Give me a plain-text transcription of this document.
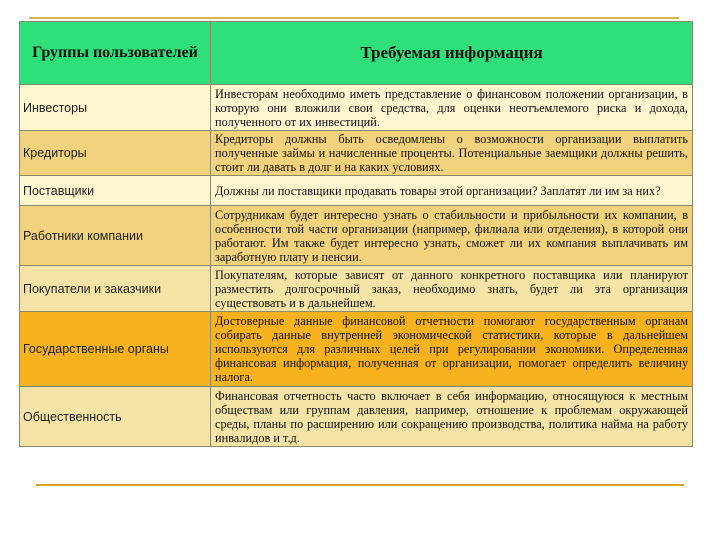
Группы пользователей	Требуемая информация
Инвесторы	Инвесторам необходимо иметь представление о финансовом положении организации, в которую они вложили свои средства, для оценки неотъемлемого риска и дохода, полученного от их инвестиций.
Кредиторы	Кредиторы должны быть осведомлены о возможности организации выплатить полученные займы и начисленные проценты. Потенциальные заемщики должны решить, стоит ли давать в долг и на каких условиях.
Поставщики	Должны ли поставщики продавать товары этой организации? Заплатят ли им за них?
Работники компании	Сотрудникам будет интересно узнать о стабильности и прибыльности их компании, в особенности той части организации (например, филиала или отделения), в которой они работают. Им также будет интересно узнать, сможет ли их компания выплачивать им заработную плату и пенсии.
Покупатели и заказчики	Покупателям, которые зависят от данного конкретного поставщика или планируют разместить долгосрочный заказ, необходимо знать, будет ли эта организация существовать и в дальнейшем.
Государственные органы	Достоверные данные финансовой отчетности помогают государственным органам собирать данные внутренней экономической статистики, которые в дальнейшем используются для различных целей при регулировании экономики. Определенная финансовая информация, полученная от организации, помогает определить величину налога.
Общественность	Финансовая отчетность часто включает в себя информацию, относящуюся к местным обществам или группам давления, например, отношение к проблемам окружающей среды, планы по расширению или сокращению производства, политика найма на работу инвалидов и т.д.
